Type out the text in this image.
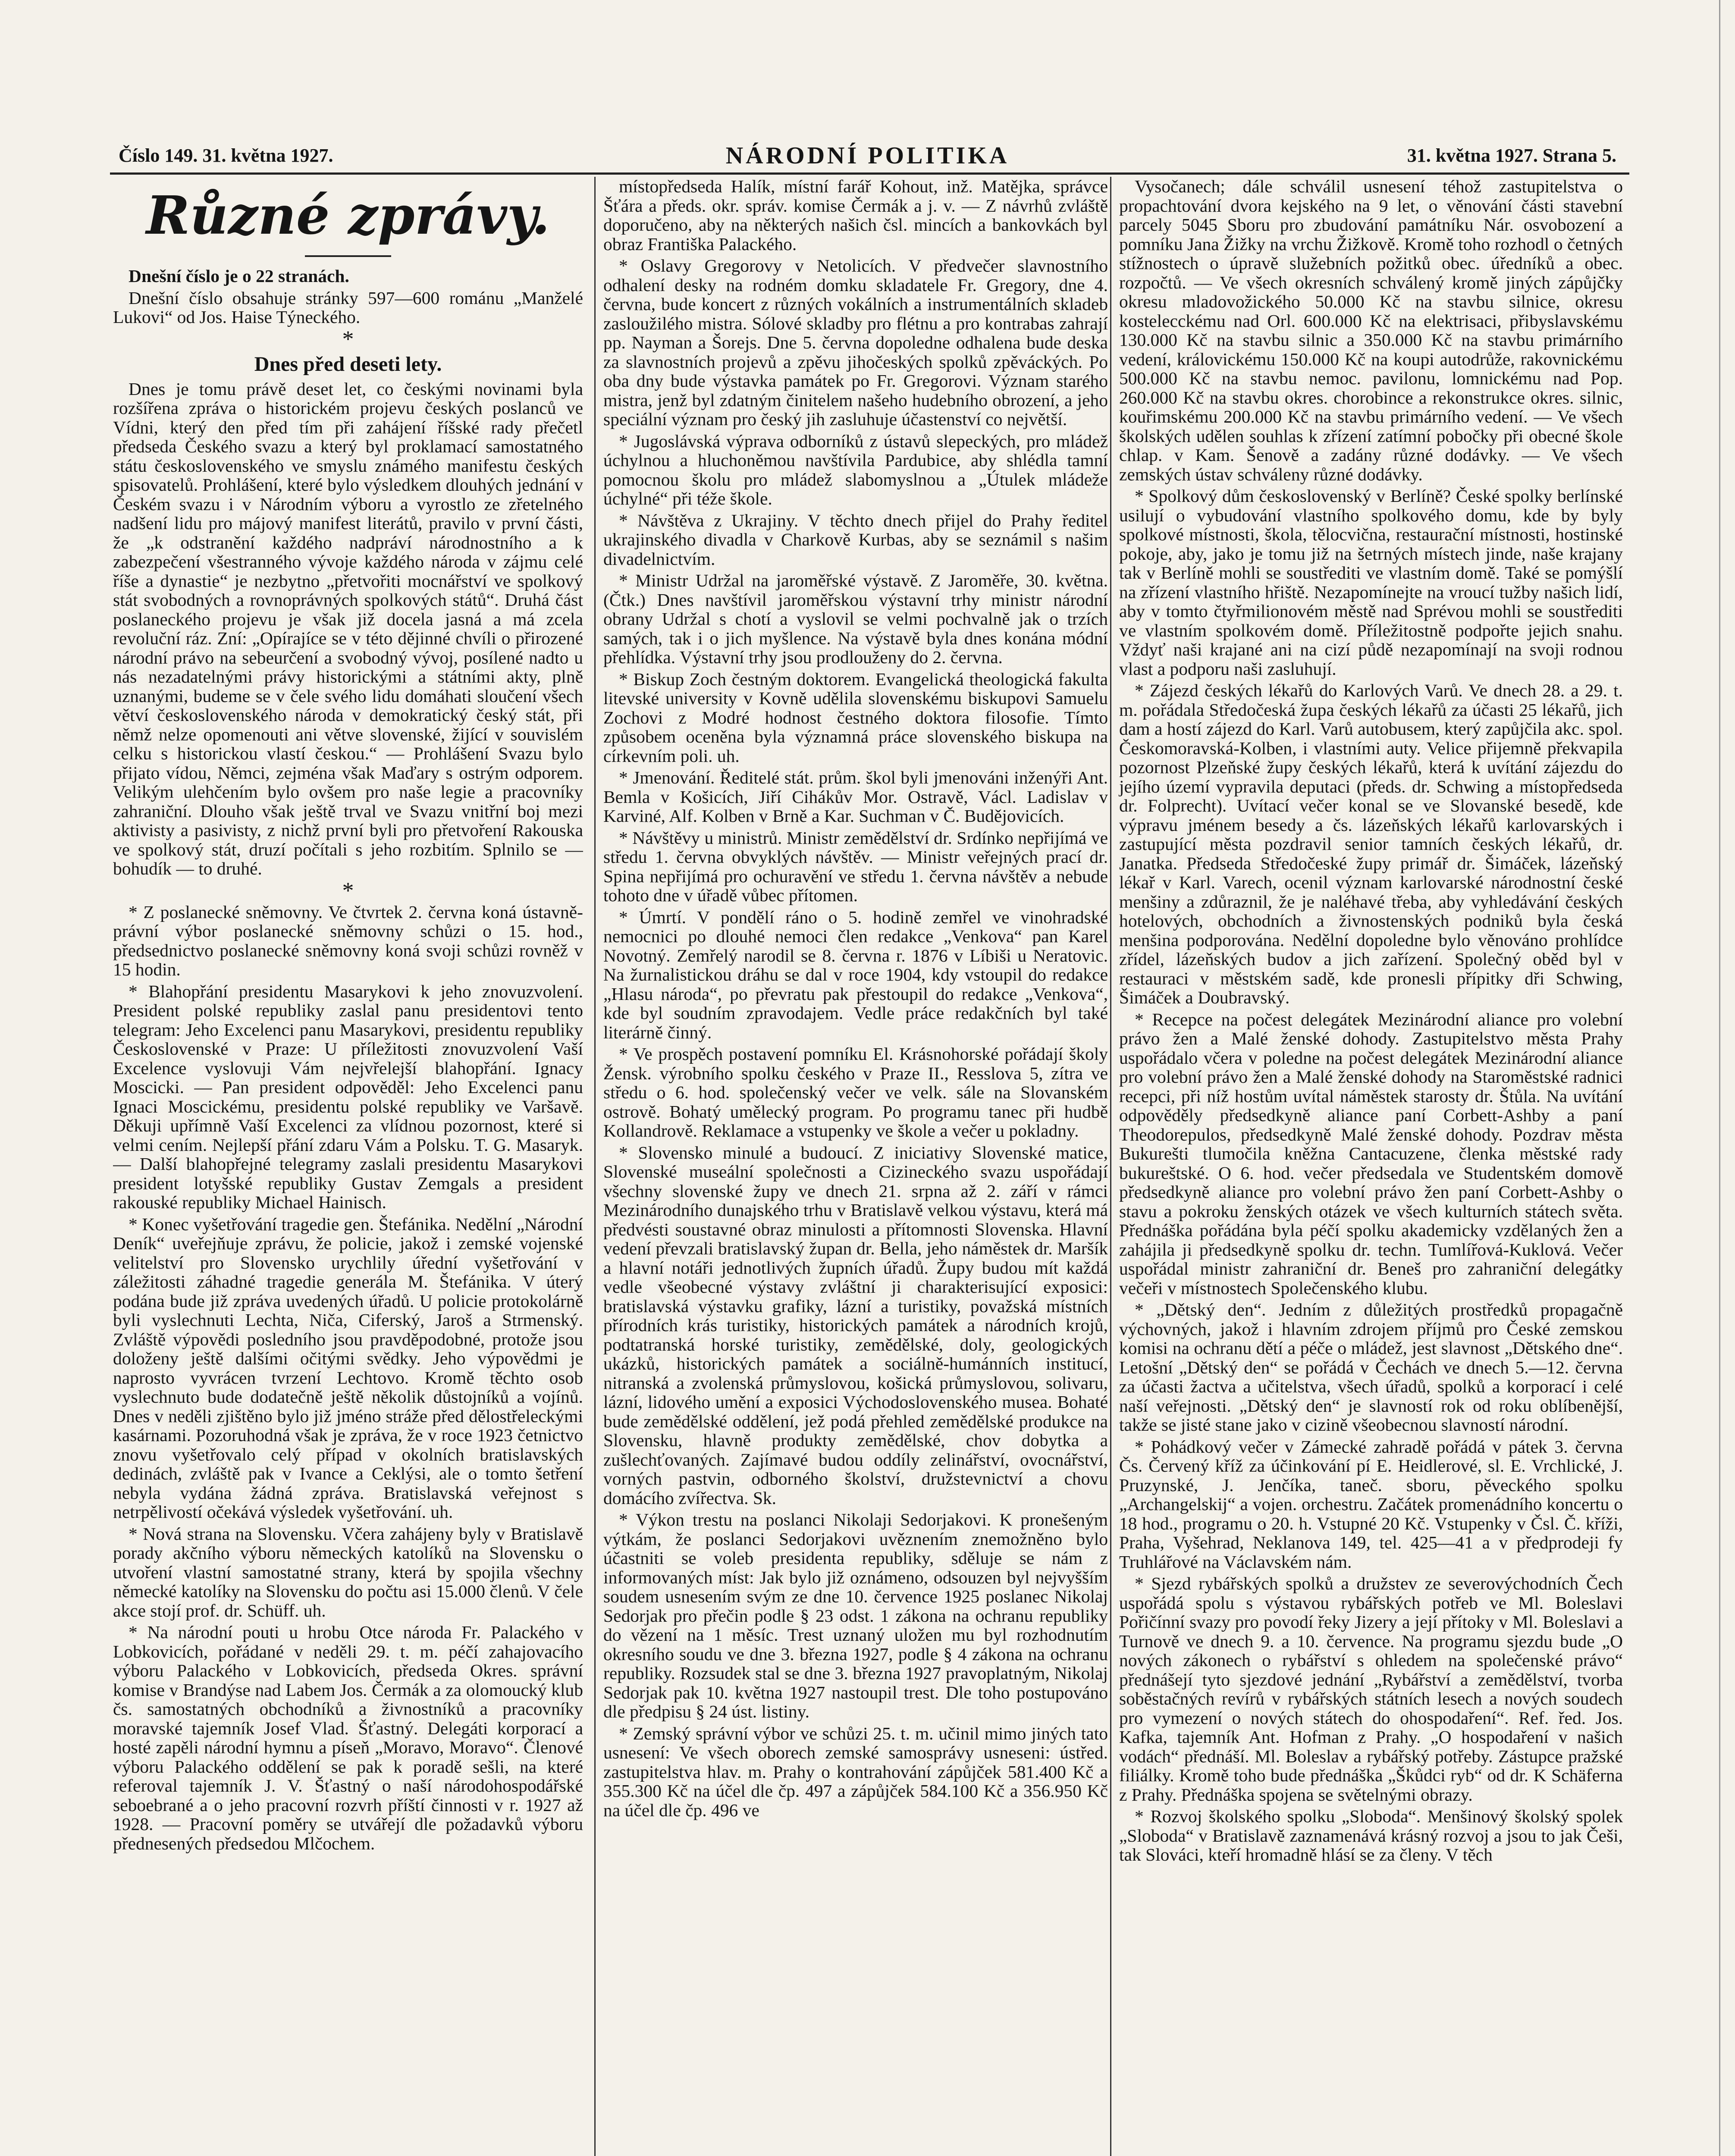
Číslo 149. 31. května 1927.	NÁRODNÍ POLITIKA	31. května 1927. Strana 5.
Různé zprávy.

Dnešní číslo je o 22 stranách.

Dnešní číslo obsahuje stránky 597—600 románu „Manželé Lukovi“ od Jos. Haise Týneckého.

*
Dnes před deseti lety.

Dnes je tomu právě deset let, co českými novinami byla rozšířena zpráva o historickém projevu českých poslanců ve Vídni, který den před tím při zahájení říšské rady přečetl předseda Českého svazu a který byl proklamací samostatného státu československého ve smyslu známého manifestu českých spisovatelů. Prohlášení, které bylo výsledkem dlouhých jednání v Českém svazu i v Národním výboru a vyrostlo ze zřetelného nadšení lidu pro májový manifest literátů, pravilo v první části, že „k odstranění každého nadpráví národnostního a k zabezpečení všestranného vývoje každého národa v zájmu celé říše a dynastie“ je nezbytno „přetvořiti mocnářství ve spolkový stát svobodných a rovnoprávných spolkových států“. Druhá část poslaneckého projevu je však již docela jasná a má zcela revoluční ráz. Zní: „Opírajíce se v této dějinné chvíli o přirozené národní právo na sebeurčení a svobodný vývoj, posílené nadto u nás nezadatelnými právy historickými a státními akty, plně uznanými, budeme se v čele svého lidu domáhati sloučení všech větví československého národa v demokratický český stát, při němž nelze opomenouti ani větve slovenské, žijící v souvislém celku s historickou vlastí českou.“ — Prohlášení Svazu bylo přijato vídou, Němci, zejména však Maďary s ostrým odporem. Velikým ulehčením bylo ovšem pro naše legie a pracovníky zahraniční. Dlouho však ještě trval ve Svazu vnitřní boj mezi aktivisty a pasivisty, z nichž první byli pro přetvoření Rakouska ve spolkový stát, druzí počítali s jeho rozbitím. Splnilo se — bohudík — to druhé.

*

* Z poslanecké sněmovny. Ve čtvrtek 2. června koná ústavně-právní výbor poslanecké sněmovny schůzi o 15. hod., předsednictvo poslanecké sněmovny koná svoji schůzi rovněž v 15 hodin.

* Blahopřání presidentu Masarykovi k jeho znovuzvolení. President polské republiky zaslal panu presidentovi tento telegram: Jeho Excelenci panu Masarykovi, presidentu republiky Československé v Praze: U příležitosti znovuzvolení Vaší Excelence vyslovuji Vám nejvřelejší blahopřání. Ignacy Moscicki. — Pan president odpověděl: Jeho Excelenci panu Ignaci Moscickému, presidentu polské republiky ve Varšavě. Děkuji upřímně Vaší Excelenci za vlídnou pozornost, které si velmi cením. Nejlepší přání zdaru Vám a Polsku. T. G. Masaryk. — Další blahopřejné telegramy zaslali presidentu Masarykovi president lotyšské republiky Gustav Zemgals a president rakouské republiky Michael Hainisch.

* Konec vyšetřování tragedie gen. Štefánika. Nedělní „Národní Deník“ uveřejňuje zprávu, že policie, jakož i zemské vojenské velitelství pro Slovensko urychlily úřední vyšetřování v záležitosti záhadné tragedie generála M. Štefánika. V úterý podána bude již zpráva uvedených úřadů. U policie protokolárně byli vyslechnuti Lechta, Niča, Ciferský, Jaroš a Strmenský. Zvláště výpovědi posledního jsou pravděpodobné, protože jsou doloženy ještě dalšími očitými svědky. Jeho výpovědmi je naprosto vyvrácen tvrzení Lechtovo. Kromě těchto osob vyslechnuto bude dodatečně ještě několik důstojníků a vojínů. Dnes v neděli zjištěno bylo již jméno stráže před dělostřeleckými kasárnami. Pozoruhodná však je zpráva, že v roce 1923 četnictvo znovu vyšetřovalo celý případ v okolních bratislavských dedinách, zvláště pak v Ivance a Ceklýsi, ale o tomto šetření nebyla vydána žádná zpráva. Bratislavská veřejnost s netrpělivostí očekává výsledek vyšetřování. uh.

* Nová strana na Slovensku. Včera zahájeny byly v Bratislavě porady akčního výboru německých katolíků na Slovensku o utvoření vlastní samostatné strany, která by spojila všechny německé katolíky na Slovensku do počtu asi 15.000 členů. V čele akce stojí prof. dr. Schüff. uh.

* Na národní pouti u hrobu Otce národa Fr. Palackého v Lobkovicích, pořádané v neděli 29. t. m. péčí zahajovacího výboru Palackého v Lobkovicích, předseda Okres. správní komise v Brandýse nad Labem Jos. Čermák a za olomoucký klub čs. samostatných obchodníků a živnostníků a pracovníky moravské tajemník Josef Vlad. Šťastný. Delegáti korporací a hosté zapěli národní hymnu a píseň „Moravo, Moravo“. Členové výboru Palackého oddělení se pak k poradě sešli, na které referoval tajemník J. V. Šťastný o naší národohospodářské seboebrané a o jeho pracovní rozvrh příští činnosti v r. 1927 až 1928. — Pracovní poměry se utvářejí dle požadavků výboru přednesených předsedou Mlčochem.

místopředseda Halík, místní farář Kohout, inž. Matějka, správce Šťára a předs. okr. správ. komise Čermák a j. v. — Z návrhů zvláště doporučeno, aby na některých našich čsl. mincích a bankovkách byl obraz Františka Palackého.

* Oslavy Gregorovy v Netolicích. V předvečer slavnostního odhalení desky na rodném domku skladatele Fr. Gregory, dne 4. června, bude koncert z různých vokálních a instrumentálních skladeb zasloužilého mistra. Sólové skladby pro flétnu a pro kontrabas zahrají pp. Nayman a Šorejs. Dne 5. června dopoledne odhalena bude deska za slavnostních projevů a zpěvu jihočeských spolků zpěváckých. Po oba dny bude výstavka památek po Fr. Gregorovi. Význam starého mistra, jenž byl zdatným činitelem našeho hudebního obrození, a jeho speciální význam pro český jih zasluhuje účastenství co největší.

* Jugoslávská výprava odborníků z ústavů slepeckých, pro mládež úchylnou a hluchoněmou navštívila Pardubice, aby shlédla tamní pomocnou školu pro mládež slabomyslnou a „Útulek mládeže úchylné“ při téže škole.

* Návštěva z Ukrajiny. V těchto dnech přijel do Prahy ředitel ukrajinského divadla v Charkově Kurbas, aby se seznámil s našim divadelnictvím.

* Ministr Udržal na jaroměřské výstavě. Z Jaroměře, 30. května. (Čtk.) Dnes navštívil jaroměřskou výstavní trhy ministr národní obrany Udržal s chotí a vyslovil se velmi pochvalně jak o trzích samých, tak i o jich myšlence. Na výstavě byla dnes konána módní přehlídka. Výstavní trhy jsou prodlouženy do 2. června.

* Biskup Zoch čestným doktorem. Evangelická theologická fakulta litevské university v Kovně udělila slovenskému biskupovi Samuelu Zochovi z Modré hodnost čestného doktora filosofie. Tímto způsobem oceněna byla významná práce slovenského biskupa na církevním poli. uh.

* Jmenování. Ředitelé stát. prům. škol byli jmenováni inženýři Ant. Bemla v Košicích, Jiří Cihákův Mor. Ostravě, Václ. Ladislav v Karviné, Alf. Kolben v Brně a Kar. Suchman v Č. Budějovicích.

* Návštěvy u ministrů. Ministr zemědělství dr. Srdínko nepřijímá ve středu 1. června obvyklých návštěv. — Ministr veřejných prací dr. Spina nepřijímá pro ochuravění ve středu 1. června návštěv a nebude tohoto dne v úřadě vůbec přítomen.

* Úmrtí. V pondělí ráno o 5. hodině zemřel ve vinohradské nemocnici po dlouhé nemoci člen redakce „Venkova“ pan Karel Novotný. Zemřelý narodil se 8. června r. 1876 v Líbiši u Neratovic. Na žurnalistickou dráhu se dal v roce 1904, kdy vstoupil do redakce „Hlasu národa“, po převratu pak přestoupil do redakce „Venkova“, kde byl soudním zpravodajem. Vedle práce redakčních byl také literárně činný.

* Ve prospěch postavení pomníku El. Krásnohorské pořádají školy Žensk. výrobního spolku českého v Praze II., Resslova 5, zítra ve středu o 6. hod. společenský večer ve velk. sále na Slovanském ostrově. Bohatý umělecký program. Po programu tanec při hudbě Kollandrově. Reklamace a vstupenky ve škole a večer u pokladny.

* Slovensko minulé a budoucí. Z iniciativy Slovenské matice, Slovenské museální společnosti a Cizineckého svazu uspořádají všechny slovenské župy ve dnech 21. srpna až 2. září v rámci Mezinárodního dunajského trhu v Bratislavě velkou výstavu, která má předvésti soustavné obraz minulosti a přítomnosti Slovenska. Hlavní vedení převzali bratislavský župan dr. Bella, jeho náměstek dr. Maršík a hlavní notáři jednotlivých župních úřadů. Župy budou mít každá vedle všeobecné výstavy zvláštní ji charakterisující exposici: bratislavská výstavku grafiky, lázní a turistiky, považská místních přírodních krás turistiky, historických památek a národních krojů, podtatranská horské turistiky, zemědělské, doly, geologických ukázků, historických památek a sociálně-humánních institucí, nitranská a zvolenská průmyslovou, košická průmyslovou, solivaru, lázní, lidového umění a exposici Východoslovenského musea. Bohaté bude zemědělské oddělení, jež podá přehled zemědělské produkce na Slovensku, hlavně produkty zemědělské, chov dobytka a zušlechťovaných. Zajímavé budou oddíly zelinářství, ovocnářství, vorných pastvin, odborného školství, družstevnictví a chovu domácího zvířectva. Sk.

* Výkon trestu na poslanci Nikolaji Sedorjakovi. K pronešeným výtkám, že poslanci Sedorjakovi uvěznením znemožněno bylo účastniti se voleb presidenta republiky, sděluje se nám z informovaných míst: Jak bylo již oznámeno, odsouzen byl nejvyšším soudem usnesením svým ze dne 10. července 1925 poslanec Nikolaj Sedorjak pro přečin podle § 23 odst. 1 zákona na ochranu republiky do vězení na 1 měsíc. Trest uznaný uložen mu byl rozhodnutím okresního soudu ve dne 3. března 1927, podle § 4 zákona na ochranu republiky. Rozsudek stal se dne 3. března 1927 pravoplatným, Nikolaj Sedorjak pak 10. května 1927 nastoupil trest. Dle toho postupováno dle předpisu § 24 úst. listiny.

* Zemský správní výbor ve schůzi 25. t. m. učinil mimo jiných tato usnesení: Ve všech oborech zemské samosprávy usneseni: ústřed. zastupitelstva hlav. m. Prahy o kontrahování zápůjček 581.400 Kč a 355.300 Kč na účel dle čp. 497 a zápůjček 584.100 Kč a 356.950 Kč na účel dle čp. 496 ve

Vysočanech; dále schválil usnesení téhož zastupitelstva o propachtování dvora kejského na 9 let, o věnování části stavební parcely 5045 Sboru pro zbudování památníku Nár. osvobození a pomníku Jana Žižky na vrchu Žižkově. Kromě toho rozhodl o četných stížnostech o úpravě služebních požitků obec. úředníků a obec. rozpočtů. — Ve všech okresních schválený kromě jiných zápůjčky okresu mladovožického 50.000 Kč na stavbu silnice, okresu kostelecckému nad Orl. 600.000 Kč na elektrisaci, přibyslavskému 130.000 Kč na stavbu silnic a 350.000 Kč na stavbu primárního vedení, královickému 150.000 Kč na koupi autodrůže, rakovnickému 500.000 Kč na stavbu nemoc. pavilonu, lomnickému nad Pop. 260.000 Kč na stavbu okres. chorobince a rekonstrukce okres. silnic, kouřimskému 200.000 Kč na stavbu primárního vedení. — Ve všech školských udělen souhlas k zřízení zatímní pobočky při obecné škole chlap. v Kam. Šenově a zadány různé dodávky. — Ve všech zemských ústav schváleny různé dodávky.

* Spolkový dům československý v Berlíně? České spolky berlínské usilují o vybudování vlastního spolkového domu, kde by byly spolkové místnosti, škola, tělocvična, restaurační místnosti, hostinské pokoje, aby, jako je tomu již na šetrných místech jinde, naše krajany tak v Berlíně mohli se soustřediti ve vlastním domě. Také se pomýšlí na zřízení vlastního hřiště. Nezapomínejte na vroucí tužby našich lidí, aby v tomto čtyřmilionovém městě nad Sprévou mohli se soustřediti ve vlastním spolkovém domě. Příležitostně podpořte jejich snahu. Vždyť naši krajané ani na cizí půdě nezapomínají na svoji rodnou vlast a podporu naši zasluhují.

* Zájezd českých lékařů do Karlových Varů. Ve dnech 28. a 29. t. m. pořádala Středočeská župa českých lékařů za účasti 25 lékařů, jich dam a hostí zájezd do Karl. Varů autobusem, který zapůjčila akc. spol. Českomoravská-Kolben, i vlastními auty. Velice přijemně překvapila pozornost Plzeňské župy českých lékařů, která k uvítání zájezdu do jejího území vypravila deputaci (předs. dr. Schwing a místopředseda dr. Folprecht). Uvítací večer konal se ve Slovanské besedě, kde výpravu jménem besedy a čs. lázeňských lékařů karlovarských i zastupující města pozdravil senior tamních českých lékařů, dr. Janatka. Předseda Středočeské župy primář dr. Šimáček, lázeňský lékař v Karl. Varech, ocenil význam karlovarské národnostní české menšiny a zdůraznil, že je naléhavé třeba, aby vyhledávání českých hotelových, obchodních a živnostenských podniků byla česká menšina podporována. Nedělní dopoledne bylo věnováno prohlídce zřídel, lázeňských budov a jich zařízení. Společný oběd byl v restauraci v městském sadě, kde pronesli přípitky dři Schwing, Šimáček a Doubravský.

* Recepce na počest delegátek Mezinárodní aliance pro volební právo žen a Malé ženské dohody. Zastupitelstvo města Prahy uspořádalo včera v poledne na počest delegátek Mezinárodní aliance pro volební právo žen a Malé ženské dohody na Staroměstské radnici recepci, při níž hostům uvítal náměstek starosty dr. Štůla. Na uvítání odpověděly předsedkyně aliance paní Corbett-Ashby a paní Theodorepulos, předsedkyně Malé ženské dohody. Pozdrav města Bukurešti tlumočila kněžna Cantacuzene, členka městské rady bukureštské. O 6. hod. večer předsedala ve Studentském domově předsedkyně aliance pro volební právo žen paní Corbett-Ashby o stavu a pokroku ženských otázek ve všech kulturních státech světa. Přednáška pořádána byla péčí spolku akademicky vzdělaných žen a zahájila ji předsedkyně spolku dr. techn. Tumlířová-Kuklová. Večer uspořádal ministr zahraniční dr. Beneš pro zahraniční delegátky večeři v místnostech Společenského klubu.

* „Dětský den“. Jedním z důležitých prostředků propagačně výchovných, jakož i hlavním zdrojem příjmů pro České zemskou komisi na ochranu dětí a péče o mládež, jest slavnost „Dětského dne“. Letošní „Dětský den“ se pořádá v Čechách ve dnech 5.—12. června za účasti žactva a učitelstva, všech úřadů, spolků a korporací i celé naší veřejnosti. „Dětský den“ je slavností rok od roku oblíbenější, takže se jisté stane jako v cizině všeobecnou slavností národní.

* Pohádkový večer v Zámecké zahradě pořádá v pátek 3. června Čs. Červený kříž za účinkování pí E. Heidlerové, sl. E. Vrchlické, J. Pruzynské, J. Jenčíka, taneč. sboru, pěveckého spolku „Archangelskij“ a vojen. orchestru. Začátek promenádního koncertu o 18 hod., programu o 20. h. Vstupné 20 Kč. Vstupenky v Čsl. Č. kříži, Praha, Vyšehrad, Neklanova 149, tel. 425—41 a v předprodeji fy Truhlářové na Václavském nám.

* Sjezd rybářských spolků a družstev ze severovýchodních Čech uspořádá spolu s výstavou rybářských potřeb ve Ml. Boleslavi Pořičínní svazy pro povodí řeky Jizery a její přítoky v Ml. Boleslavi a Turnově ve dnech 9. a 10. července. Na programu sjezdu bude „O nových zákonech o rybářství s ohledem na společenské právo“ přednášejí tyto sjezdové jednání „Rybářství a zemědělství, tvorba soběstačných revírů v rybářských státních lesech a nových soudech pro vymezení o nových státech do ohospodaření“. Ref. řed. Jos. Kafka, tajemník Ant. Hofman z Prahy. „O hospodaření v našich vodách“ přednáší. Ml. Boleslav a rybářský potřeby. Zástupce pražské filiálky. Kromě toho bude přednáška „Škůdci ryb“ od dr. K Schäferna z Prahy. Přednáška spojena se světelnými obrazy.

* Rozvoj školského spolku „Sloboda“. Menšinový školský spolek „Sloboda“ v Bratislavě zaznamenává krásný rozvoj a jsou to jak Češi, tak Slováci, kteří hromadně hlásí se za členy. V těch
